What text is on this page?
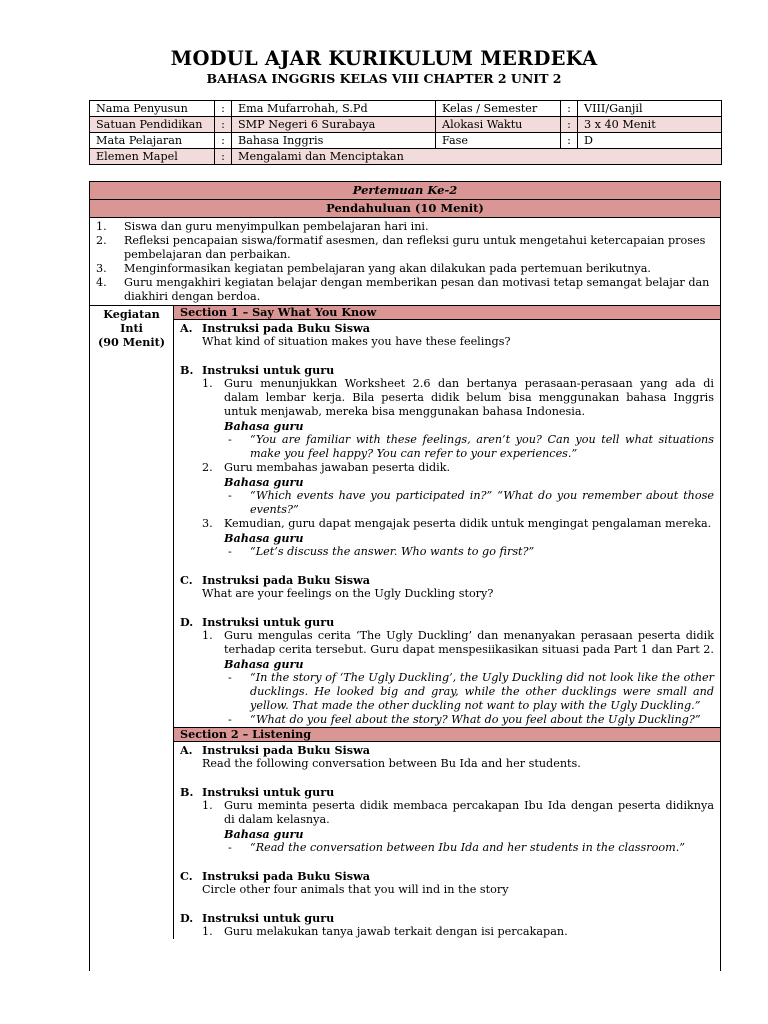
MODUL AJAR KURIKULUM MERDEKA
BAHASA INGGRIS KELAS VIII CHAPTER 2 UNIT 2
Nama Penyusun	:	Ema Mufarrohah, S.Pd	Kelas / Semester	:	VIII/Ganjil
Satuan Pendidikan	:	SMP Negeri 6 Surabaya	Alokasi Waktu	:	3 x 40 Menit
Mata Pelajaran	:	Bahasa Inggris	Fase	:	D
Elemen Mapel	:	Mengalami dan Menciptakan			
Pertemuan Ke-2
Pendahuluan (10 Menit)
1.	Siswa dan guru menyimpulkan pembelajaran hari ini.
2.	Refleksi pencapaian siswa/formatif asesmen, dan refleksi guru untuk mengetahui ketercapaian proses pembelajaran dan perbaikan.
3.	Menginformasikan kegiatan pembelajaran yang akan dilakukan pada pertemuan berikutnya.
4.	Guru mengakhiri kegiatan belajar dengan memberikan pesan dan motivasi tetap semangat belajar dan diakhiri dengan berdoa.
Kegiatan
Inti
(90 Menit)
Section 1 – Say What You Know
A. Instruksi pada Buku Siswa
What kind of situation makes you have these feelings?
B. Instruksi untuk guru
1.	Guru menunjukkan Worksheet 2.6 dan bertanya perasaan-perasaan yang ada di dalam lembar kerja. Bila peserta didik belum bisa menggunakan bahasa Inggris untuk menjawab, mereka bisa menggunakan bahasa Indonesia.
Bahasa guru
-	“You are familiar with these feelings, aren’t you? Can you tell what situations make you feel happy? You can refer to your experiences.”
2.	Guru membahas jawaban peserta didik.
Bahasa guru
-	“Which events have you participated in?” “What do you remember about those events?”
3.	Kemudian, guru dapat mengajak peserta didik untuk mengingat pengalaman mereka.
Bahasa guru
-	“Let’s discuss the answer. Who wants to go first?”
C. Instruksi pada Buku Siswa
What are your feelings on the Ugly Duckling story?
D. Instruksi untuk guru
1.	Guru mengulas cerita ‘The Ugly Duckling’ dan menanyakan perasaan peserta didik terhadap cerita tersebut. Guru dapat menspesiikasikan situasi pada Part 1 dan Part 2.
Bahasa guru
-	“In the story of ‘The Ugly Duckling’, the Ugly Duckling did not look like the other ducklings. He looked big and gray, while the other ducklings were small and yellow. That made the other duckling not want to play with the Ugly Duckling.”
-	“What do you feel about the story? What do you feel about the Ugly Duckling?”
Section 2 – Listening
A. Instruksi pada Buku Siswa
Read the following conversation between Bu Ida and her students.
B. Instruksi untuk guru
1.	Guru meminta peserta didik membaca percakapan Ibu Ida dengan peserta didiknya di dalam kelasnya.
Bahasa guru
-	“Read the conversation between Ibu Ida and her students in the classroom.”
C. Instruksi pada Buku Siswa
Circle other four animals that you will ind in the story
D. Instruksi untuk guru
1.	Guru melakukan tanya jawab terkait dengan isi percakapan.
